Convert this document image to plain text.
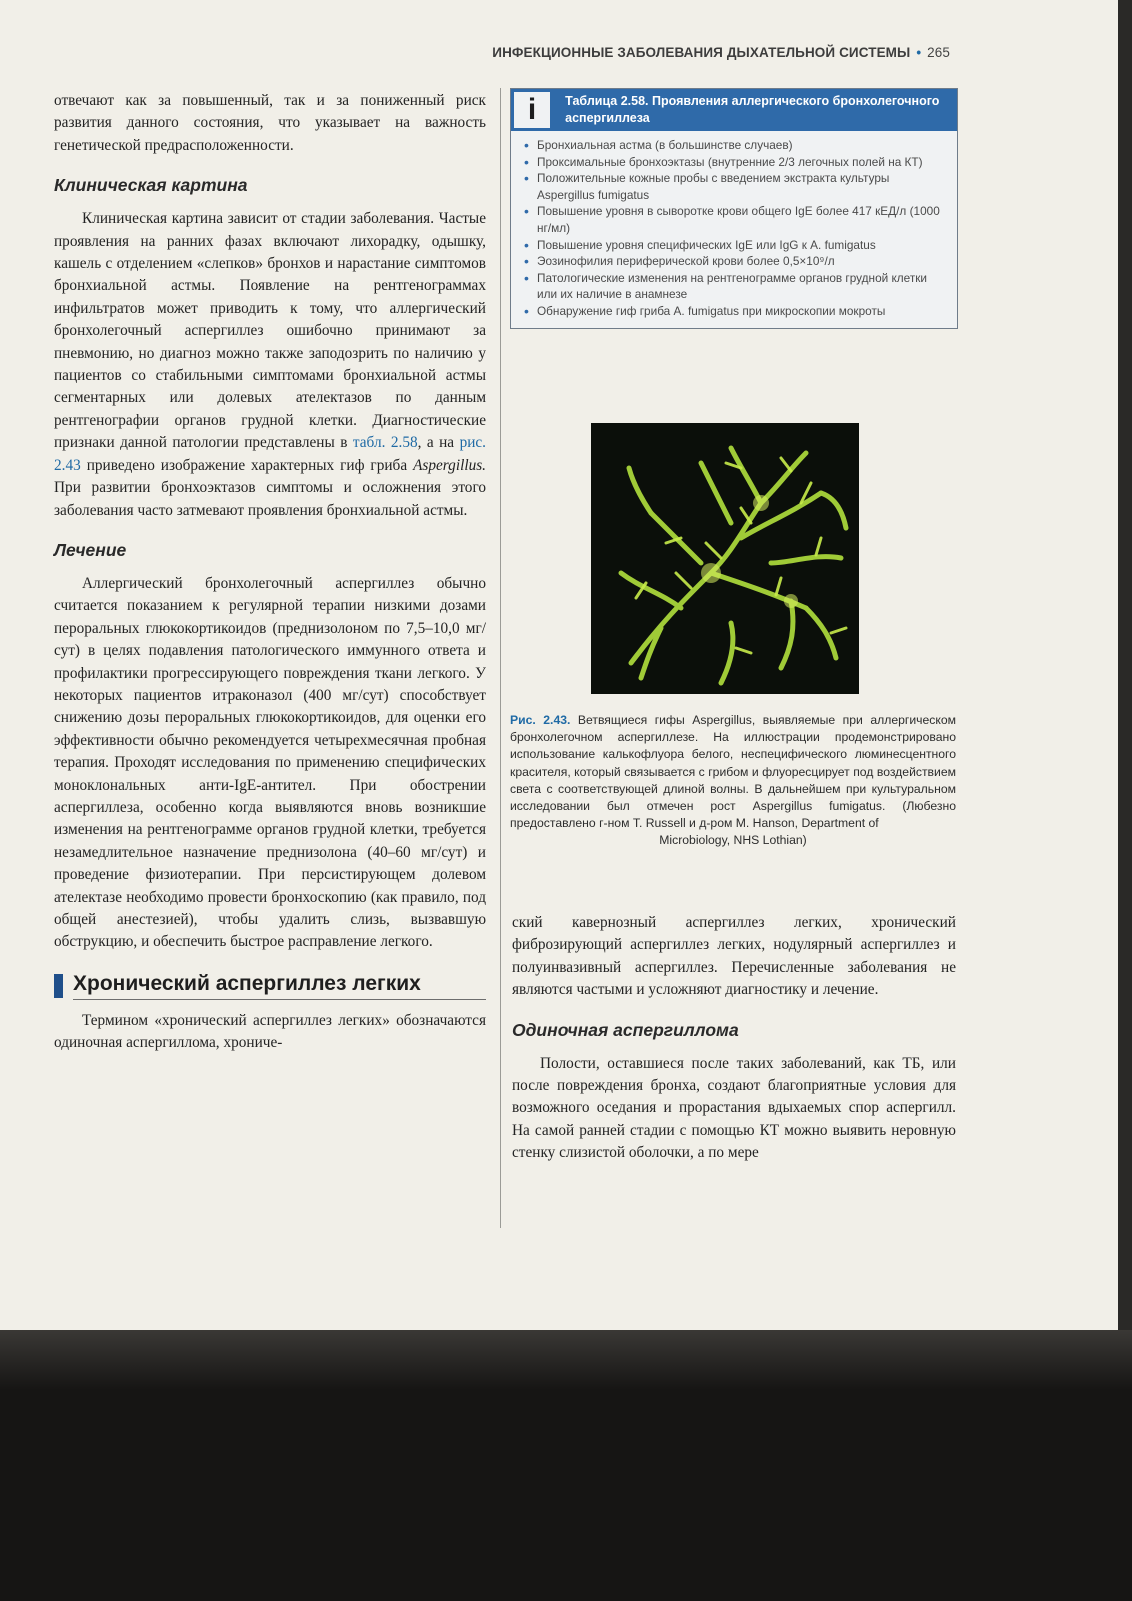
ИНФЕКЦИОННЫЕ ЗАБОЛЕВАНИЯ ДЫХАТЕЛЬНОЙ СИСТЕМЫ • 265

отвечают как за повышенный, так и за пониженный риск развития данного состояния, что указывает на важность генетической предрасположенности.

Клиническая картина

Клиническая картина зависит от стадии заболевания. Частые проявления на ранних фазах включают лихорадку, одышку, кашель с отделением «слепков» бронхов и нарастание симптомов бронхиальной астмы. Появление на рентгенограммах инфильтратов может приводить к тому, что аллергический бронхолегочный аспергиллез ошибочно принимают за пневмонию, но диагноз можно также заподозрить по наличию у пациентов со стабильными симптомами бронхиальной астмы сегментарных или долевых ателектазов по данным рентгенографии органов грудной клетки. Диагностические признаки данной патологии представлены в табл. 2.58, а на рис. 2.43 приведено изображение характерных гиф гриба Aspergillus. При развитии бронхоэктазов симптомы и осложнения этого заболевания часто затмевают проявления бронхиальной астмы.

Лечение

Аллергический бронхолегочный аспергиллез обычно считается показанием к регулярной терапии низкими дозами пероральных глюкокортикоидов (преднизолоном по 7,5–10,0 мг/сут) в целях подавления патологического иммунного ответа и профилактики прогрессирующего повреждения ткани легкого. У некоторых пациентов итраконазол (400 мг/сут) способствует снижению дозы пероральных глюкокортикоидов, для оценки его эффективности обычно рекомендуется четырехмесячная пробная терапия. Проходят исследования по применению специфических моноклональных анти-IgE-антител. При обострении аспергиллеза, особенно когда выявляются вновь возникшие изменения на рентгенограмме органов грудной клетки, требуется незамедлительное назначение преднизолона (40–60 мг/сут) и проведение физиотерапии. При персистирующем долевом ателектазе необходимо провести бронхоскопию (как правило, под общей анестезией), чтобы удалить слизь, вызвавшую обструкцию, и обеспечить быстрое расправление легкого.

Хронический аспергиллез легких

Термином «хронический аспергиллез легких» обозначаются одиночная аспергиллома, хрониче-

i	Таблица 2.58. Проявления аллергического бронхолегочного аспергиллеза
• Бронхиальная астма (в большинстве случаев)
• Проксимальные бронхоэктазы (внутренние 2/3 легочных полей на КТ)
• Положительные кожные пробы с введением экстракта культуры Aspergillus fumigatus
• Повышение уровня в сыворотке крови общего IgE более 417 кЕД/л (1000 нг/мл)
• Повышение уровня специфических IgE или IgG к A. fumigatus
• Эозинофилия периферической крови более 0,5×10⁹/л
• Патологические изменения на рентгенограмме органов грудной клетки или их наличие в анамнезе
• Обнаружение гиф гриба A. fumigatus при микроскопии мокроты
Рис. 2.43. Ветвящиеся гифы Aspergillus, выявляемые при аллергическом бронхолегочном аспергиллезе. На иллюстрации продемонстрировано использование калькофлуора белого, неспецифического люминесцентного красителя, который связывается с грибом и флуоресцирует под воздействием света с соответствующей длиной волны. В дальнейшем при культуральном исследовании был отмечен рост Aspergillus fumigatus. (Любезно предоставлено г-ном T. Russell и д-ром M. Hanson, Department of
Microbiology, NHS Lothian)

ский кавернозный аспергиллез легких, хронический фиброзирующий аспергиллез легких, нодулярный аспергиллез и полуинвазивный аспергиллез. Перечисленные заболевания не являются частыми и усложняют диагностику и лечение.

Одиночная аспергиллома

Полости, оставшиеся после таких заболеваний, как ТБ, или после повреждения бронха, создают благоприятные условия для возможного оседания и прорастания вдыхаемых спор аспергилл. На самой ранней стадии с помощью КТ можно выявить неровную стенку слизистой оболочки, а по мере
